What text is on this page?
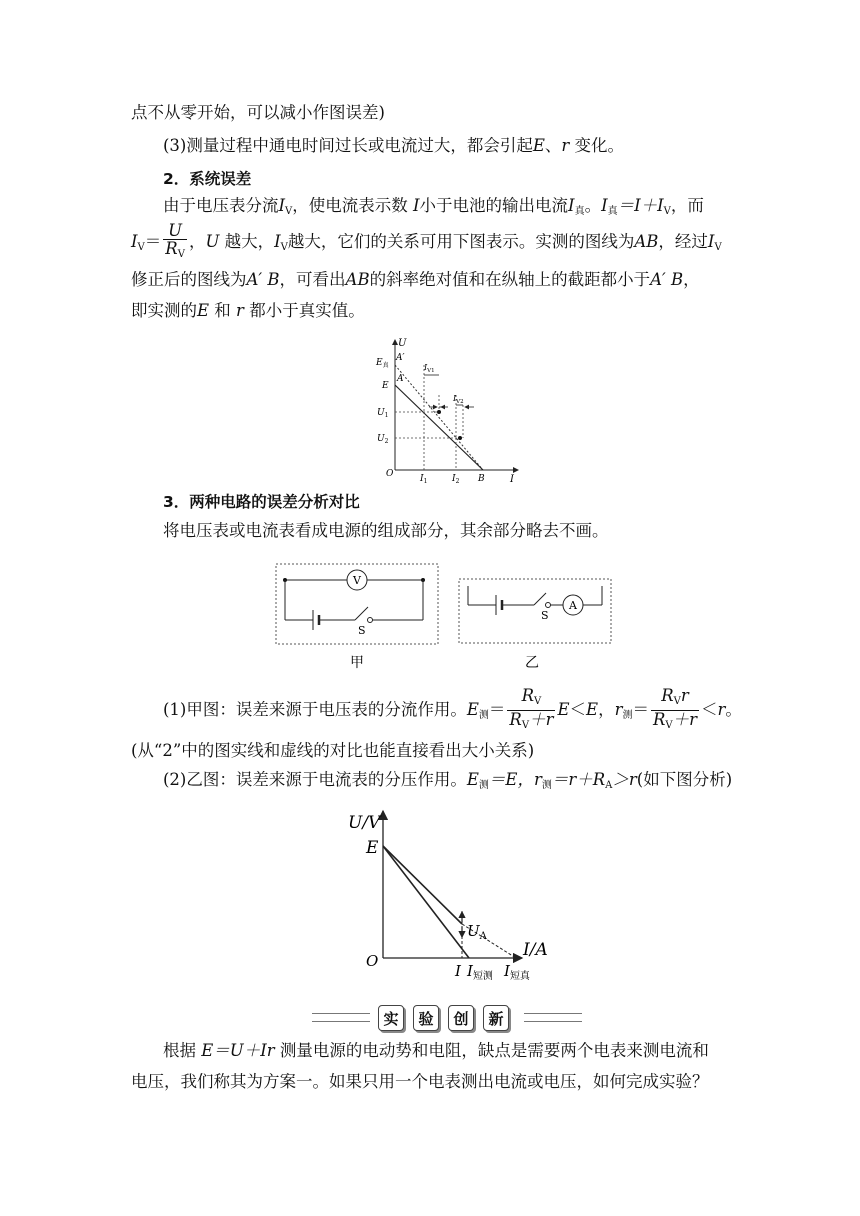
点不从零开始，可以减小作图误差)
(3)测量过程中通电时间过长或电流过大，都会引起E、r 变化。
2．系统误差
由于电压表分流$I_V$，使电流表示数 I小于电池的输出电流$I_真$。$I_真=I+I_V$，而
$I_V= \frac{U}{R_V}$ ，U 越大，$I_V$越大，它们的关系可用下图表示。实测的图线为AB，经过$I_V$
修正后的图线为A′ B，可看出AB的斜率绝对值和在纵轴上的截距都小于A′ B，
即实测的E 和 r 都小于真实值。
U
I
O
$E_真$
A′
E
A
$U_1$
$U_2$
$I_1$	$I_2$ B
$I_{V1}$
$I_{V2}$
3．两种电路的误差分析对比
将电压表或电流表看成电源的组成部分，其余部分略去不画。
V
S
甲
A
S
乙
(1)甲图：误差来源于电压表的分流作用。$E_测= \frac{R_V}{R_V+r} E<E$，$r_测= \frac{R_Vr}{R_V+r} <r$。
(从“2”中的图实线和虚线的对比也能直接看出大小关系)
(2)乙图：误差来源于电流表的分压作用。$E_测=E$，$r_测=r+R_A>r$(如下图分析)
U/V
I/A
E
O
$U_A$
I $I_{短测}$ $I_{短真}$
实	验	创	新
根据 E＝U＋Ir 测量电源的电动势和电阻，缺点是需要两个电表来测电流和
电压，我们称其为方案一。如果只用一个电表测出电流或电压，如何完成实验？
